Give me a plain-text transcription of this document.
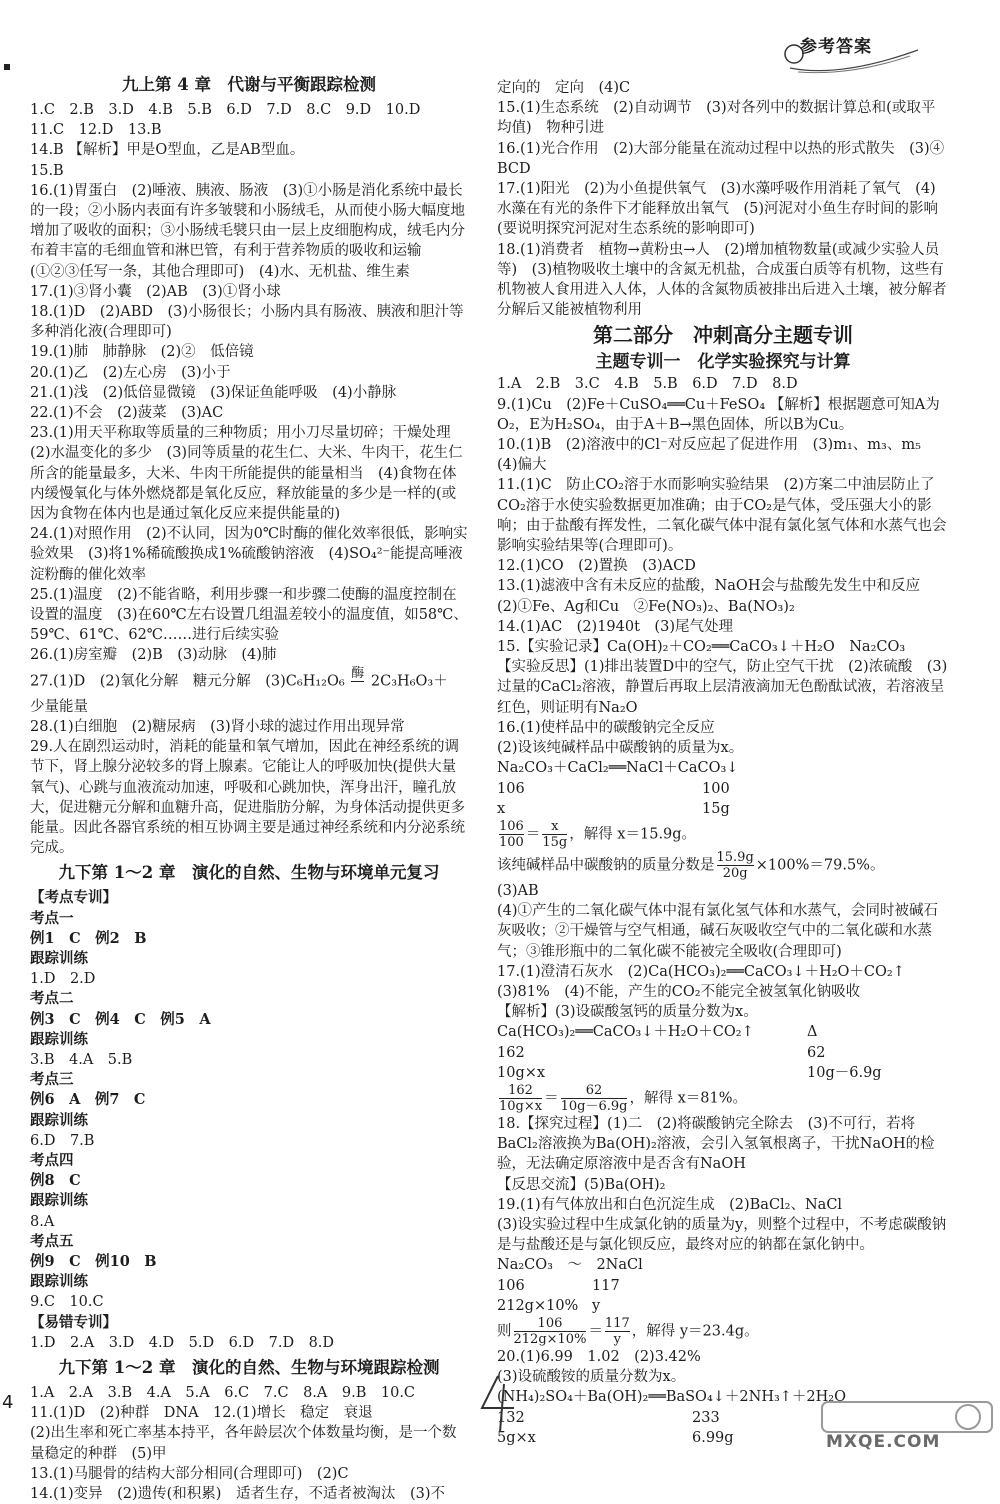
参考答案

九上第 4 章　代谢与平衡跟踪检测

1.C　2.B　3.D　4.B　5.B　6.D　7.D　8.C　9.D　10.D

11.C　12.D　13.B

14.B 【解析】甲是O型血，乙是AB型血。

15.B

16.(1)胃蛋白　(2)唾液、胰液、肠液　(3)①小肠是消化系统中最长的一段；②小肠内表面有许多皱襞和小肠绒毛，从而使小肠大幅度地增加了吸收的面积；③小肠绒毛襞只由一层上皮细胞构成，绒毛内分布着丰富的毛细血管和淋巴管，有利于营养物质的吸收和运输(①②③任写一条，其他合理即可)　(4)水、无机盐、维生素

17.(1)③肾小囊　(2)AB　(3)①肾小球

18.(1)D　(2)ABD　(3)小肠很长；小肠内具有肠液、胰液和胆汁等多种消化液(合理即可)

19.(1)肺　肺静脉　(2)②　低倍镜

20.(1)乙　(2)左心房　(3)小于

21.(1)浅　(2)低倍显微镜　(3)保证鱼能呼吸　(4)小静脉

22.(1)不会　(2)菠菜　(3)AC

23.(1)用天平称取等质量的三种物质；用小刀尽量切碎；干燥处理　(2)水温变化的多少　(3)同等质量的花生仁、大米、牛肉干，花生仁所含的能量最多，大米、牛肉干所能提供的能量相当　(4)食物在体内缓慢氧化与体外燃烧都是氧化反应，释放能量的多少是一样的(或因为食物在体内也是通过氧化反应来提供能量的)

24.(1)对照作用　(2)不认同，因为0℃时酶的催化效率很低，影响实验效果　(3)将1%稀硫酸换成1%硫酸钠溶液　(4)SO₄²⁻能提高唾液淀粉酶的催化效率

25.(1)温度　(2)不能省略，利用步骤一和步骤二使酶的温度控制在设置的温度　(3)在60℃左右设置几组温差较小的温度值，如58℃、59℃、61℃、62℃……进行后续实验

26.(1)房室瓣　(2)B　(3)动脉　(4)肺

27.(1)D　(2)氧化分解　糖元分解　(3)C₆H₁₂O₆ 酶
2C₃H₆O₃＋

少量能量

28.(1)白细胞　(2)糖尿病　(3)肾小球的滤过作用出现异常

29.人在剧烈运动时，消耗的能量和氧气增加，因此在神经系统的调节下，肾上腺分泌较多的肾上腺素。它能让人的呼吸加快(提供大量氧气)、心跳与血液流动加速，呼吸和心跳加快，浑身出汗，瞳孔放大，促进糖元分解和血糖升高，促进脂肪分解，为身体活动提供更多能量。因此各器官系统的相互协调主要是通过神经系统和内分泌系统完成。

九下第 1～2 章　演化的自然、生物与环境单元复习

【考点专训】

考点一

例1　C　例2　B

跟踪训练

1.D　2.D

考点二

例3　C　例4　C　例5　A

跟踪训练

3.B　4.A　5.B

考点三

例6　A　例7　C

跟踪训练

6.D　7.B

考点四

例8　C

跟踪训练

8.A

考点五

例9　C　例10　B

跟踪训练

9.C　10.C

【易错专训】

1.D　2.A　3.D　4.D　5.D　6.D　7.D　8.D

九下第 1～2 章　演化的自然、生物与环境跟踪检测

1.A　2.A　3.B　4.A　5.A　6.C　7.C　8.A　9.B　10.C

11.(1)D　(2)种群　DNA　12.(1)增长　稳定　衰退

(2)出生率和死亡率基本持平，各年龄层次个体数量均衡，是一个数量稳定的种群　(5)甲

13.(1)马腿骨的结构大部分相同(合理即可)　(2)C

14.(1)变异　(2)遗传(和积累)　适者生存，不适者被淘汰　(3)不

定向的　定向　(4)C

15.(1)生态系统　(2)自动调节　(3)对各列中的数据计算总和(或取平均值)　物种引进

16.(1)光合作用　(2)大部分能量在流动过程中以热的形式散失　(3)④　BCD

17.(1)阳光　(2)为小鱼提供氧气　(3)水藻呼吸作用消耗了氧气　(4)水藻在有光的条件下才能释放出氧气　(5)河泥对小鱼生存时间的影响(要说明探究河泥对生态系统的影响即可)

18.(1)消费者　植物→黄粉虫→人　(2)增加植物数量(或减少实验人员等)　(3)植物吸收土壤中的含氮无机盐，合成蛋白质等有机物，这些有机物被人食用进入人体，人体的含氮物质被排出后进入土壤，被分解者分解后又能被植物利用

第二部分　冲刺高分主题专训

主题专训一　化学实验探究与计算

1.A　2.B　3.C　4.B　5.B　6.D　7.D　8.D

9.(1)Cu　(2)Fe＋CuSO₄══Cu＋FeSO₄ 【解析】根据题意可知A为O₂，E为H₂SO₄，由于A＋B→黑色固体，所以B为Cu。

10.(1)B　(2)溶液中的Cl⁻对反应起了促进作用　(3)m₁、m₃、m₅　(4)偏大

11.(1)C　防止CO₂溶于水而影响实验结果　(2)方案二中油层防止了CO₂溶于水使实验数据更加准确；由于CO₂是气体，受压强大小的影响；由于盐酸有挥发性，二氧化碳气体中混有氯化氢气体和水蒸气也会影响实验结果等(合理即可)。

12.(1)CO　(2)置换　(3)ACD

13.(1)滤液中含有未反应的盐酸，NaOH会与盐酸先发生中和反应　(2)①Fe、Ag和Cu　②Fe(NO₃)₂、Ba(NO₃)₂

14.(1)AC　(2)1940t　(3)尾气处理

15.【实验记录】Ca(OH)₂＋CO₂══CaCO₃↓＋H₂O　Na₂CO₃

【实验反思】(1)排出装置D中的空气，防止空气干扰　(2)浓硫酸　(3)过量的CaCl₂溶液，静置后再取上层清液滴加无色酚酞试液，若溶液呈红色，则证明有Na₂O

16.(1)使样品中的碳酸钠完全反应

(2)设该纯碱样品中碳酸钠的质量为x。

Na₂CO₃＋CaCl₂══NaCl＋CaCO₃↓

106	100
x	15g

$\frac{106}{100} = \frac{x}{15g}$ ，解得 x＝15.9g。

该纯碱样品中碳酸钠的质量分数是 $\frac{15.9g}{20g} \times 100\%=79.5\%$。

(3)AB

(4)①产生的二氧化碳气体中混有氯化氢气体和水蒸气，会同时被碱石灰吸收；②干燥管与空气相通，碱石灰吸收空气中的二氧化碳和水蒸气；③锥形瓶中的二氧化碳不能被完全吸收(合理即可)

17.(1)澄清石灰水　(2)Ca(HCO₃)₂══CaCO₃↓＋H₂O＋CO₂↑

(3)81%　(4)不能，产生的CO₂不能完全被氢氧化钠吸收

【解析】(3)设碳酸氢钙的质量分数为x。

Ca(HCO₃)₂══CaCO₃↓＋H₂O＋CO₂↑	Δ
162	62
10g×x	10g－6.9g

$\frac{162}{10g\times x} = \frac{62}{10g-6.9g}$ ，解得 x＝81%。

18.【探究过程】(1)二　(2)将碳酸钠完全除去　(3)不可行，若将BaCl₂溶液换为Ba(OH)₂溶液，会引入氢氧根离子，干扰NaOH的检验，无法确定原溶液中是否含有NaOH

【反思交流】(5)Ba(OH)₂

19.(1)有气体放出和白色沉淀生成　(2)BaCl₂、NaCl

(3)设实验过程中生成氯化钠的质量为y，则整个过程中，不考虑碳酸钠是与盐酸还是与氯化钡反应，最终对应的钠都在氯化钠中。

Na₂CO₃　～　2NaCl

106	117
212g×10% y

则 $\frac{106}{212g\times 10\%} = \frac{117}{y}$ ，解得 y＝23.4g。

20.(1)6.99　1.02　(2)3.42%

(3)设硫酸铵的质量分数为x。

(NH₄)₂SO₄＋Ba(OH)₂══BaSO₄↓＋2NH₃↑＋2H₂O

132	233
5g×x	6.99g
4
MXQE.COM
